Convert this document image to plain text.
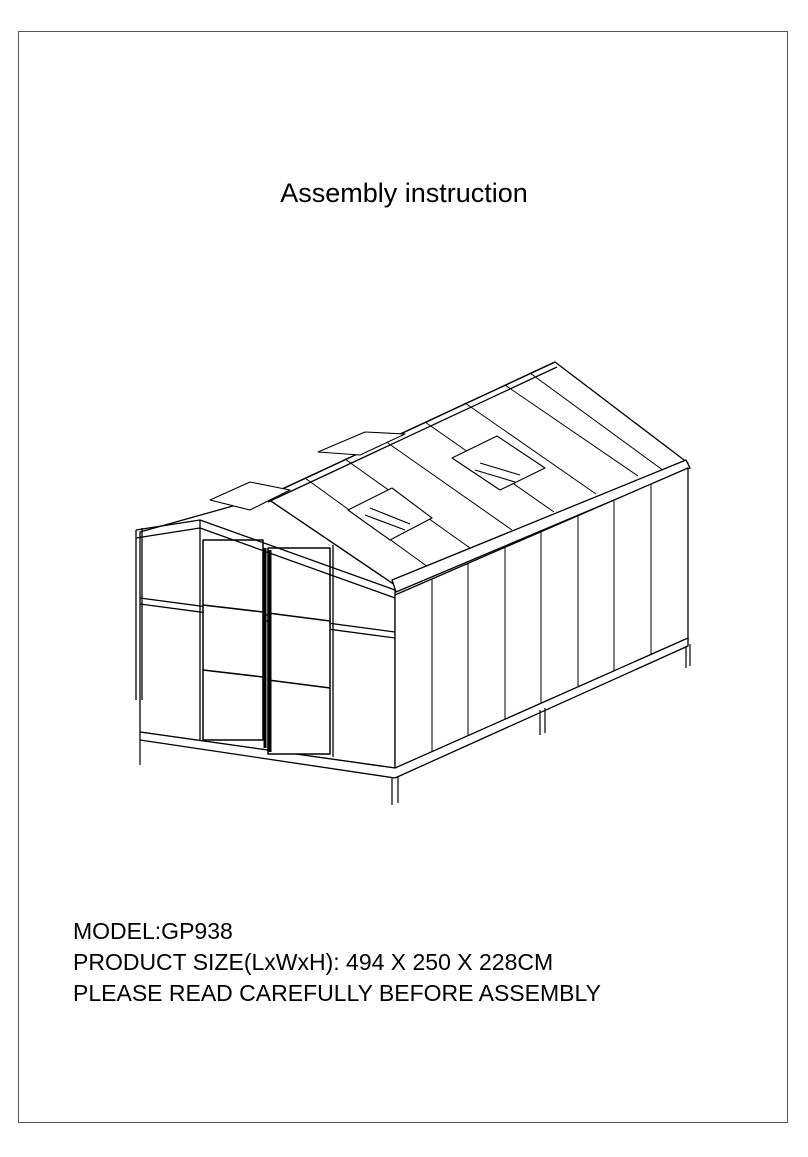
Assembly instruction
MODEL:GP938
PRODUCT SIZE(LxWxH): 494 X 250 X 228CM
PLEASE READ CAREFULLY BEFORE ASSEMBLY
